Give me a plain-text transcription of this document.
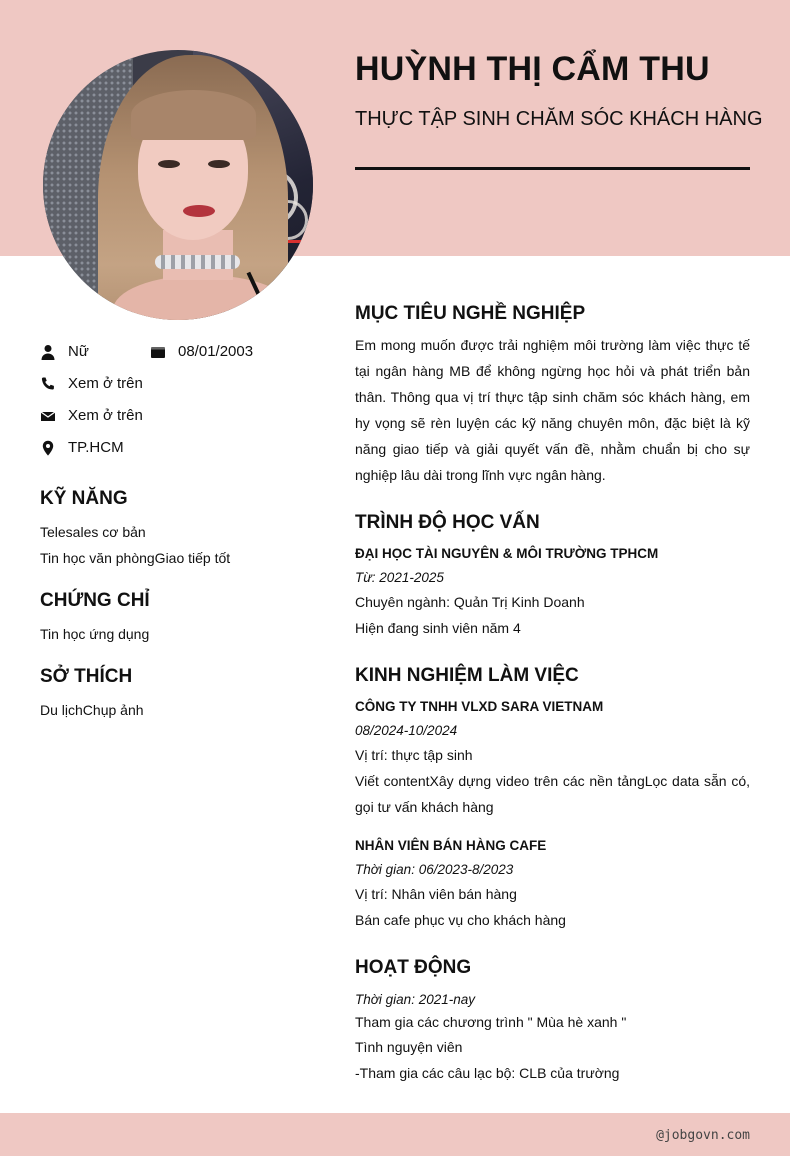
HUỲNH THỊ CẨM THU
THỰC TẬP SINH CHĂM SÓC KHÁCH HÀNG
Nữ	08/01/2003
Xem ở trên
Xem ở trên
TP.HCM
KỸ NĂNG
Telesales cơ bản
Tin học văn phòngGiao tiếp tốt
CHỨNG CHỈ
Tin học ứng dụng
SỞ THÍCH
Du lịchChụp ảnh
MỤC TIÊU NGHỀ NGHIỆP
Em mong muốn được trải nghiệm môi trường làm việc thực tế tại ngân hàng MB để không ngừng học hỏi và phát triển bản thân. Thông qua vị trí thực tập sinh chăm sóc khách hàng, em hy vọng sẽ rèn luyện các kỹ năng chuyên môn, đặc biệt là kỹ năng giao tiếp và giải quyết vấn đề, nhằm chuẩn bị cho sự nghiệp lâu dài trong lĩnh vực ngân hàng.
TRÌNH ĐỘ HỌC VẤN
ĐẠI HỌC TÀI NGUYÊN & MÔI TRƯỜNG TPHCM
Từ: 2021-2025
Chuyên ngành: Quản Trị Kinh Doanh
Hiện đang sinh viên năm 4
KINH NGHIỆM LÀM VIỆC
CÔNG TY TNHH VLXD SARA VIETNAM
08/2024-10/2024
Vị trí: thực tập sinh
Viết contentXây dựng video trên các nền tảngLọc data sẵn có, gọi tư vấn khách hàng
NHÂN VIÊN BÁN HÀNG CAFE
Thời gian: 06/2023-8/2023
Vị trí: Nhân viên bán hàng
Bán cafe phục vụ cho khách hàng
HOẠT ĐỘNG
Thời gian: 2021-nay
Tham gia các chương trình " Mùa hè xanh "
Tình nguyện viên
-Tham gia các câu lạc bộ: CLB của trường
@jobgovn.com
